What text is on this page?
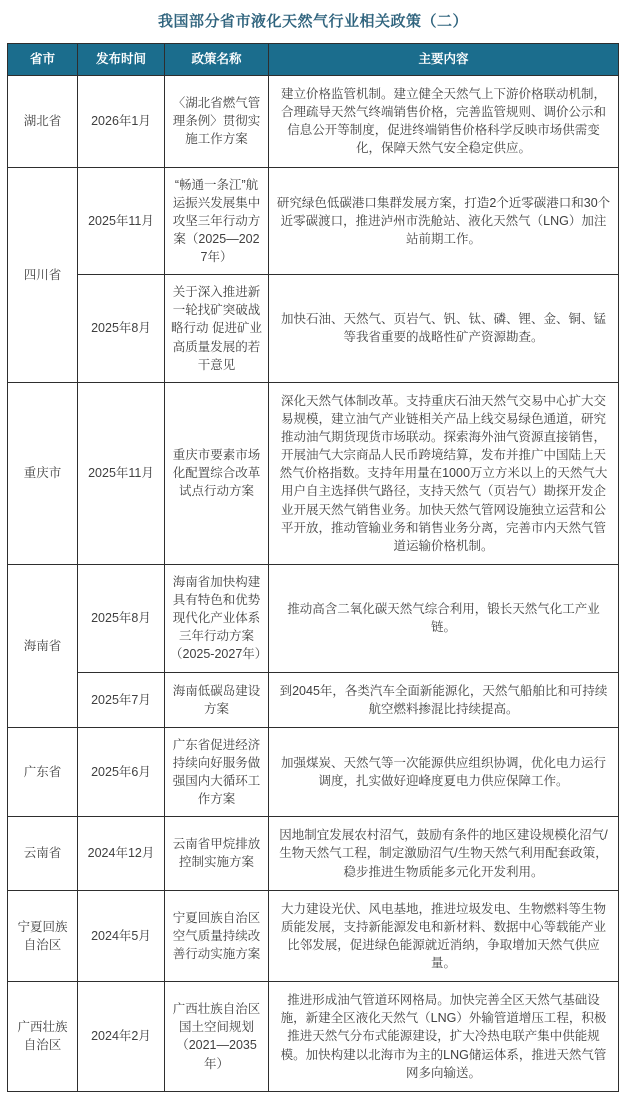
我国部分省市液化天然气行业相关政策（二）
省市	发布时间	政策名称	主要内容
湖北省	2026年1月	〈湖北省燃气管理条例〉贯彻实施工作方案	建立价格监管机制。建立健全天然气上下游价格联动机制，合理疏导天然气终端销售价格，完善监管规则、调价公示和信息公开等制度，促进终端销售价格科学反映市场供需变化，保障天然气安全稳定供应。
四川省	2025年11月	“畅通一条江”航运振兴发展集中攻坚三年行动方案（2025—2027年）	研究绿色低碳港口集群发展方案，打造2个近零碳港口和30个近零碳渡口，推进泸州市洗舱站、液化天然气（LNG）加注站前期工作。
	2025年8月	关于深入推进新一轮找矿突破战略行动 促进矿业高质量发展的若干意见	加快石油、天然气、页岩气、钒、钛、磷、锂、金、铜、锰等我省重要的战略性矿产资源勘查。
重庆市	2025年11月	重庆市要素市场化配置综合改革试点行动方案	深化天然气体制改革。支持重庆石油天然气交易中心扩大交易规模，建立油气产业链相关产品上线交易绿色通道，研究推动油气期货现货市场联动。探索海外油气资源直接销售，开展油气大宗商品人民币跨境结算，发布并推广中国陆上天然气价格指数。支持年用量在1000万立方米以上的天然气大用户自主选择供气路径，支持天然气（页岩气）勘探开发企业开展天然气销售业务。加快天然气管网设施独立运营和公平开放，推动管输业务和销售业务分离，完善市内天然气管道运输价格机制。
海南省	2025年8月	海南省加快构建具有特色和优势现代化产业体系三年行动方案（2025-2027年）	推动高含二氧化碳天然气综合利用，锻长天然气化工产业链。
	2025年7月	海南低碳岛建设方案	到2045年，各类汽车全面新能源化，天然气船舶比和可持续航空燃料掺混比持续提高。
广东省	2025年6月	广东省促进经济持续向好服务做强国内大循环工作方案	加强煤炭、天然气等一次能源供应组织协调，优化电力运行调度，扎实做好迎峰度夏电力供应保障工作。
云南省	2024年12月	云南省甲烷排放控制实施方案	因地制宜发展农村沼气，鼓励有条件的地区建设规模化沼气/生物天然气工程，制定激励沼气/生物天然气利用配套政策，稳步推进生物质能多元化开发利用。
宁夏回族自治区	2024年5月	宁夏回族自治区空气质量持续改善行动实施方案	大力建设光伏、风电基地，推进垃圾发电、生物燃料等生物质能发展，支持新能源发电和新材料、数据中心等载能产业比邻发展，促进绿色能源就近消纳，争取增加天然气供应量。
广西壮族自治区	2024年2月	广西壮族自治区国土空间规划（2021—2035年）	推进形成油气管道环网格局。加快完善全区天然气基础设施，新建全区液化天然气（LNG）外输管道增压工程，积极推进天然气分布式能源建设，扩大冷热电联产集中供能规模。加快构建以北海市为主的LNG储运体系，推进天然气管网多向输送。
